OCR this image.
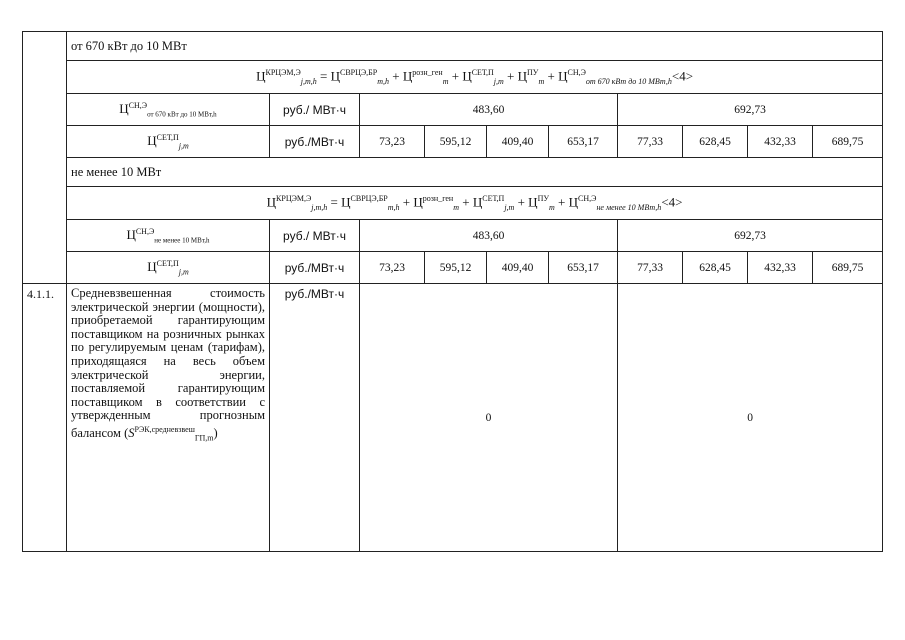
	от 670 кВт до 10 МВт									
	$Ц^{КРЦЭМ,Э}_{j,m,h} = Ц^{СВРЦЭ,БР}_{m,h} + Ц^{розн\_ген}_m + Ц^{СЕТ,П}_{j,m} + Ц^{ПУ}_m + Ц^{СН,Э}_{от 670 кВт до 10 МВт,h}<4>$									
	$Ц^{СН,Э}_{от 670 кВт до 10 МВт,h}$	руб./ МВт·ч	483,60				692,73			
	$Ц^{СЕТ,П}_{j,m}$	руб./МВт·ч	73,23	595,12	409,40	653,17	77,33	628,45	432,33	689,75
	не менее 10 МВт									
	$Ц^{КРЦЭМ,Э}_{j,m,h} = Ц^{СВРЦЭ,БР}_{m,h} + Ц^{розн\_ген}_m + Ц^{СЕТ,П}_{j,m} + Ц^{ПУ}_m + Ц^{СН,Э}_{не менее 10 МВт,h}<4>$									
	$Ц^{СН,Э}_{не менее 10 МВт,h}$	руб./ МВт·ч	483,60				692,73			
	$Ц^{СЕТ,П}_{j,m}$	руб./МВт·ч	73,23	595,12	409,40	653,17	77,33	628,45	432,33	689,75
4.1.1.	Средневзвешенная стоимость электрической энергии (мощности), приобретаемой гарантирующим поставщиком на розничных рынках по регулируемым ценам (тарифам), приходящаяся на весь объем электрической энергии, поставляемой гарантирующим поставщиком в соответствии с утвержденным прогнозным балансом $(S^{РЭК,средневзвеш}_{ГП,m})$	руб./МВт·ч	0				0			
